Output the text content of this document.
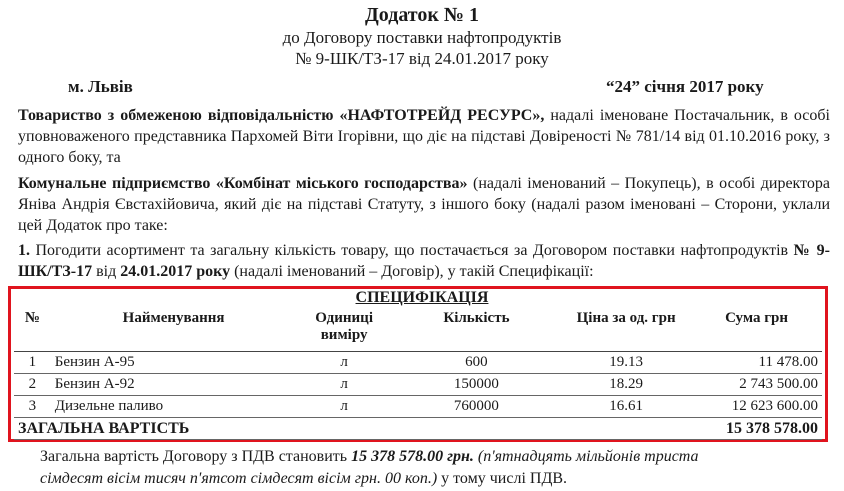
Додаток № 1
до Договору поставки нафтопродуктів
№ 9-ШК/ТЗ-17 від 24.01.2017 року
м. Львів	“24” січня 2017 року
Товариство з обмеженою відповідальністю «НАФТОТРЕЙД РЕСУРС», надалі іменоване Постачальник, в особі уповноваженого представника Пархомей Віти Ігорівни, що діє на підставі Довіреності № 781/14 від 01.10.2016 року, з одного боку, та
Комунальне підприємство «Комбінат міського господарства» (надалі іменований – Покупець), в особі директора Яніва Андрія Євстахійовича, який діє на підставі Статуту, з іншого боку (надалі разом іменовані – Сторони, уклали цей Додаток про таке:
1. Погодити асортимент та загальну кількість товару, що постачається за Договором поставки нафтопродуктів № 9-ШК/ТЗ-17 від 24.01.2017 року (надалі іменований – Договір), у такій Специфікації:
СПЕЦИФІКАЦІЯ
№	Найменування	Одиниці виміру	Кількість	Ціна за од. грн	Сума грн
1	Бензин А-95	л	600	19.13	11 478.00
2	Бензин А-92	л	150000	18.29	2 743 500.00
3	Дизельне паливо	л	760000	16.61	12 623 600.00
ЗАГАЛЬНА ВАРТІСТЬ					15 378 578.00
Загальна вартість Договору з ПДВ становить 15 378 578.00 грн. (п'ятнадцять мільйонів триста
сімдесят вісім тисяч п'ятсот сімдесят вісім грн. 00 коп.) у тому числі ПДВ.
